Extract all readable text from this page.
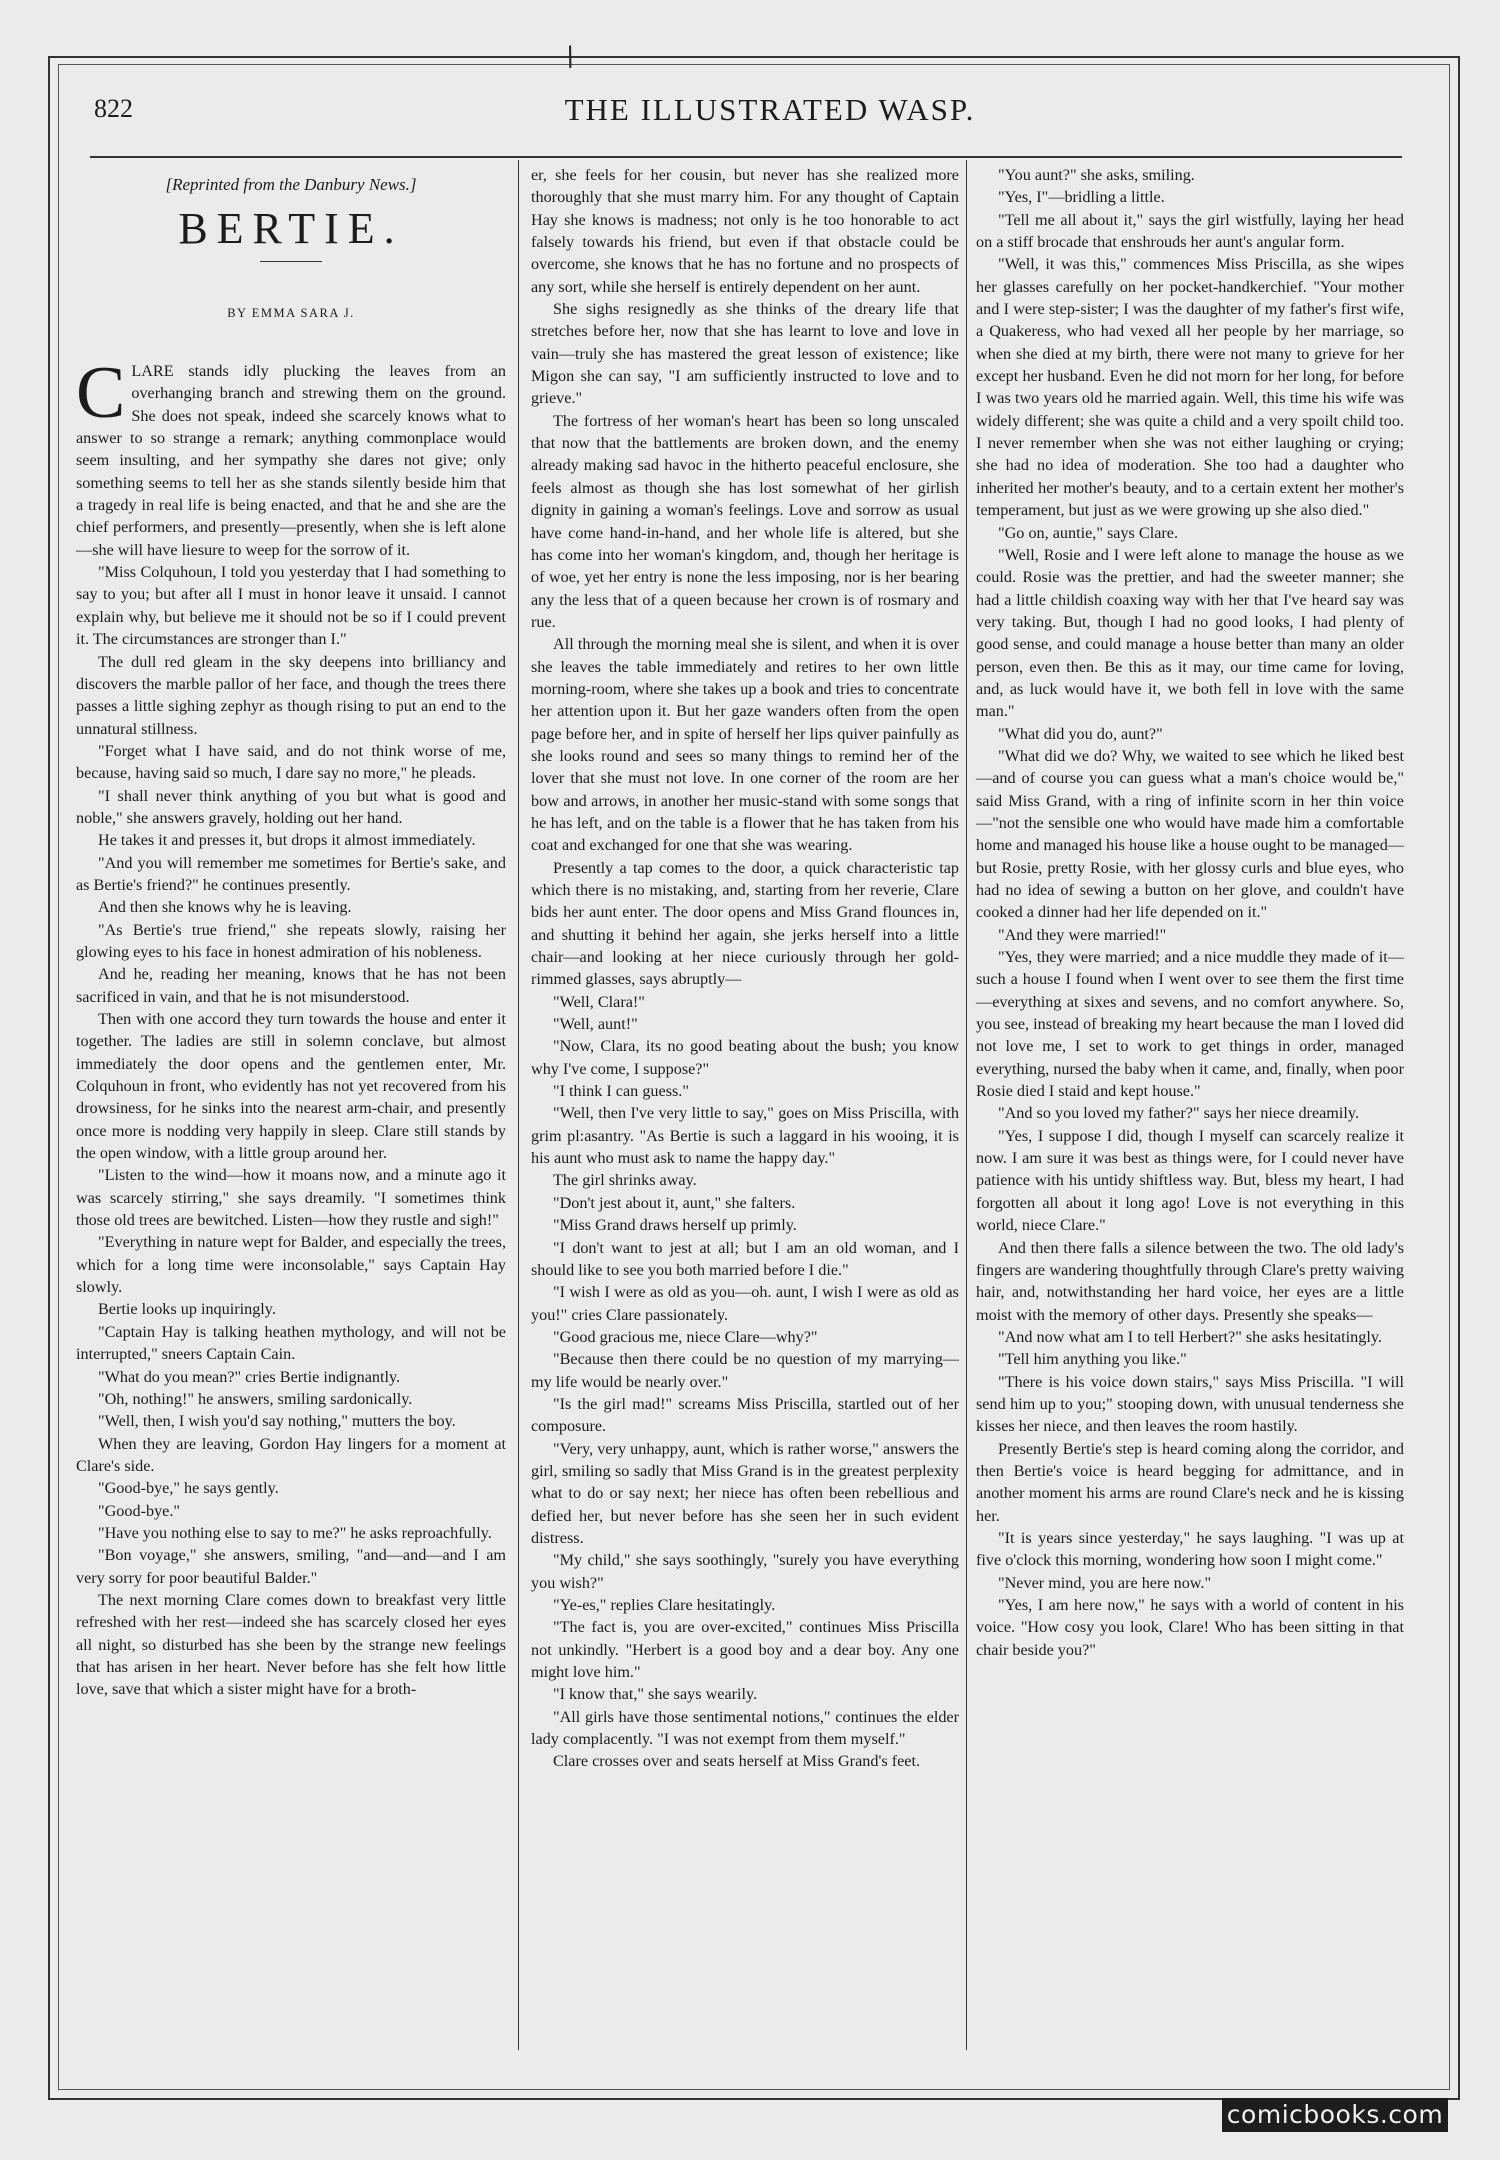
/
822	THE ILLUSTRATED WASP.
[Reprinted from the Danbury News.]
BERTIE.
BY EMMA SARA J.

CLARE stands idly plucking the leaves from an overhanging branch and strewing them on the ground. She does not speak, indeed she scarcely knows what to answer to so strange a remark; anything commonplace would seem insulting, and her sympathy she dares not give; only something seems to tell her as she stands silently beside him that a tragedy in real life is being enacted, and that he and she are the chief performers, and presently—presently, when she is left alone—she will have liesure to weep for the sorrow of it.

"Miss Colquhoun, I told you yesterday that I had something to say to you; but after all I must in honor leave it unsaid. I cannot explain why, but believe me it should not be so if I could prevent it. The circumstances are stronger than I."

The dull red gleam in the sky deepens into brilliancy and discovers the marble pallor of her face, and though the trees there passes a little sighing zephyr as though rising to put an end to the unnatural stillness.

"Forget what I have said, and do not think worse of me, because, having said so much, I dare say no more," he pleads.

"I shall never think anything of you but what is good and noble," she answers gravely, holding out her hand.

He takes it and presses it, but drops it almost immediately.

"And you will remember me sometimes for Bertie's sake, and as Bertie's friend?" he continues presently.

And then she knows why he is leaving.

"As Bertie's true friend," she repeats slowly, raising her glowing eyes to his face in honest admiration of his nobleness.

And he, reading her meaning, knows that he has not been sacrificed in vain, and that he is not misunderstood.

Then with one accord they turn towards the house and enter it together. The ladies are still in solemn conclave, but almost immediately the door opens and the gentlemen enter, Mr. Colquhoun in front, who evidently has not yet recovered from his drowsiness, for he sinks into the nearest arm-chair, and presently once more is nodding very happily in sleep. Clare still stands by the open window, with a little group around her.

"Listen to the wind—how it moans now, and a minute ago it was scarcely stirring," she says dreamily. "I sometimes think those old trees are bewitched. Listen—how they rustle and sigh!"

"Everything in nature wept for Balder, and especially the trees, which for a long time were inconsolable," says Captain Hay slowly.

Bertie looks up inquiringly.

"Captain Hay is talking heathen mythology, and will not be interrupted," sneers Captain Cain.

"What do you mean?" cries Bertie indignantly.

"Oh, nothing!" he answers, smiling sardonically.

"Well, then, I wish you'd say nothing," mutters the boy.

When they are leaving, Gordon Hay lingers for a moment at Clare's side.

"Good-bye," he says gently.

"Good-bye."

"Have you nothing else to say to me?" he asks reproachfully.

"Bon voyage," she answers, smiling, "and—and—and I am very sorry for poor beautiful Balder."

The next morning Clare comes down to breakfast very little refreshed with her rest—indeed she has scarcely closed her eyes all night, so disturbed has she been by the strange new feelings that has arisen in her heart. Never before has she felt how little love, save that which a sister might have for a broth-

er, she feels for her cousin, but never has she realized more thoroughly that she must marry him. For any thought of Captain Hay she knows is madness; not only is he too honorable to act falsely towards his friend, but even if that obstacle could be overcome, she knows that he has no fortune and no prospects of any sort, while she herself is entirely dependent on her aunt.

She sighs resignedly as she thinks of the dreary life that stretches before her, now that she has learnt to love and love in vain—truly she has mastered the great lesson of existence; like Migon she can say, "I am sufficiently instructed to love and to grieve."

The fortress of her woman's heart has been so long unscaled that now that the battlements are broken down, and the enemy already making sad havoc in the hitherto peaceful enclosure, she feels almost as though she has lost somewhat of her girlish dignity in gaining a woman's feelings. Love and sorrow as usual have come hand-in-hand, and her whole life is altered, but she has come into her woman's kingdom, and, though her heritage is of woe, yet her entry is none the less imposing, nor is her bearing any the less that of a queen because her crown is of rosmary and rue.

All through the morning meal she is silent, and when it is over she leaves the table immediately and retires to her own little morning-room, where she takes up a book and tries to concentrate her attention upon it. But her gaze wanders often from the open page before her, and in spite of herself her lips quiver painfully as she looks round and sees so many things to remind her of the lover that she must not love. In one corner of the room are her bow and arrows, in another her music-stand with some songs that he has left, and on the table is a flower that he has taken from his coat and exchanged for one that she was wearing.

Presently a tap comes to the door, a quick characteristic tap which there is no mistaking, and, starting from her reverie, Clare bids her aunt enter. The door opens and Miss Grand flounces in, and shutting it behind her again, she jerks herself into a little chair—and looking at her niece curiously through her gold-rimmed glasses, says abruptly—

"Well, Clara!"

"Well, aunt!"

"Now, Clara, its no good beating about the bush; you know why I've come, I suppose?"

"I think I can guess."

"Well, then I've very little to say," goes on Miss Priscilla, with grim pl:asantry. "As Bertie is such a laggard in his wooing, it is his aunt who must ask to name the happy day."

The girl shrinks away.

"Don't jest about it, aunt," she falters.

"Miss Grand draws herself up primly.

"I don't want to jest at all; but I am an old woman, and I should like to see you both married before I die."

"I wish I were as old as you—oh. aunt, I wish I were as old as you!" cries Clare passionately.

"Good gracious me, niece Clare—why?"

"Because then there could be no question of my marrying—my life would be nearly over."

"Is the girl mad!" screams Miss Priscilla, startled out of her composure.

"Very, very unhappy, aunt, which is rather worse," answers the girl, smiling so sadly that Miss Grand is in the greatest perplexity what to do or say next; her niece has often been rebellious and defied her, but never before has she seen her in such evident distress.

"My child," she says soothingly, "surely you have everything you wish?"

"Ye-es," replies Clare hesitatingly.

"The fact is, you are over-excited," continues Miss Priscilla not unkindly. "Herbert is a good boy and a dear boy. Any one might love him."

"I know that," she says wearily.

"All girls have those sentimental notions," continues the elder lady complacently. "I was not exempt from them myself."

Clare crosses over and seats herself at Miss Grand's feet.

"You aunt?" she asks, smiling.

"Yes, I"—bridling a little.

"Tell me all about it," says the girl wistfully, laying her head on a stiff brocade that enshrouds her aunt's angular form.

"Well, it was this," commences Miss Priscilla, as she wipes her glasses carefully on her pocket-handkerchief. "Your mother and I were step-sister; I was the daughter of my father's first wife, a Quakeress, who had vexed all her people by her marriage, so when she died at my birth, there were not many to grieve for her except her husband. Even he did not morn for her long, for before I was two years old he married again. Well, this time his wife was widely different; she was quite a child and a very spoilt child too. I never remember when she was not either laughing or crying; she had no idea of moderation. She too had a daughter who inherited her mother's beauty, and to a certain extent her mother's temperament, but just as we were growing up she also died."

"Go on, auntie," says Clare.

"Well, Rosie and I were left alone to manage the house as we could. Rosie was the prettier, and had the sweeter manner; she had a little childish coaxing way with her that I've heard say was very taking. But, though I had no good looks, I had plenty of good sense, and could manage a house better than many an older person, even then. Be this as it may, our time came for loving, and, as luck would have it, we both fell in love with the same man."

"What did you do, aunt?"

"What did we do? Why, we waited to see which he liked best—and of course you can guess what a man's choice would be," said Miss Grand, with a ring of infinite scorn in her thin voice—"not the sensible one who would have made him a comfortable home and managed his house like a house ought to be managed—but Rosie, pretty Rosie, with her glossy curls and blue eyes, who had no idea of sewing a button on her glove, and couldn't have cooked a dinner had her life depended on it."

"And they were married!"

"Yes, they were married; and a nice muddle they made of it—such a house I found when I went over to see them the first time—everything at sixes and sevens, and no comfort anywhere. So, you see, instead of breaking my heart because the man I loved did not love me, I set to work to get things in order, managed everything, nursed the baby when it came, and, finally, when poor Rosie died I staid and kept house."

"And so you loved my father?" says her niece dreamily.

"Yes, I suppose I did, though I myself can scarcely realize it now. I am sure it was best as things were, for I could never have patience with his untidy shiftless way. But, bless my heart, I had forgotten all about it long ago! Love is not everything in this world, niece Clare."

And then there falls a silence between the two. The old lady's fingers are wandering thoughtfully through Clare's pretty waiving hair, and, notwithstanding her hard voice, her eyes are a little moist with the memory of other days. Presently she speaks—

"And now what am I to tell Herbert?" she asks hesitatingly.

"Tell him anything you like."

"There is his voice down stairs," says Miss Priscilla. "I will send him up to you;" stooping down, with unusual tenderness she kisses her niece, and then leaves the room hastily.

Presently Bertie's step is heard coming along the corridor, and then Bertie's voice is heard begging for admittance, and in another moment his arms are round Clare's neck and he is kissing her.

"It is years since yesterday," he says laughing. "I was up at five o'clock this morning, wondering how soon I might come."

"Never mind, you are here now."

"Yes, I am here now," he says with a world of content in his voice. "How cosy you look, Clare! Who has been sitting in that chair beside you?"

comicbooks.com
